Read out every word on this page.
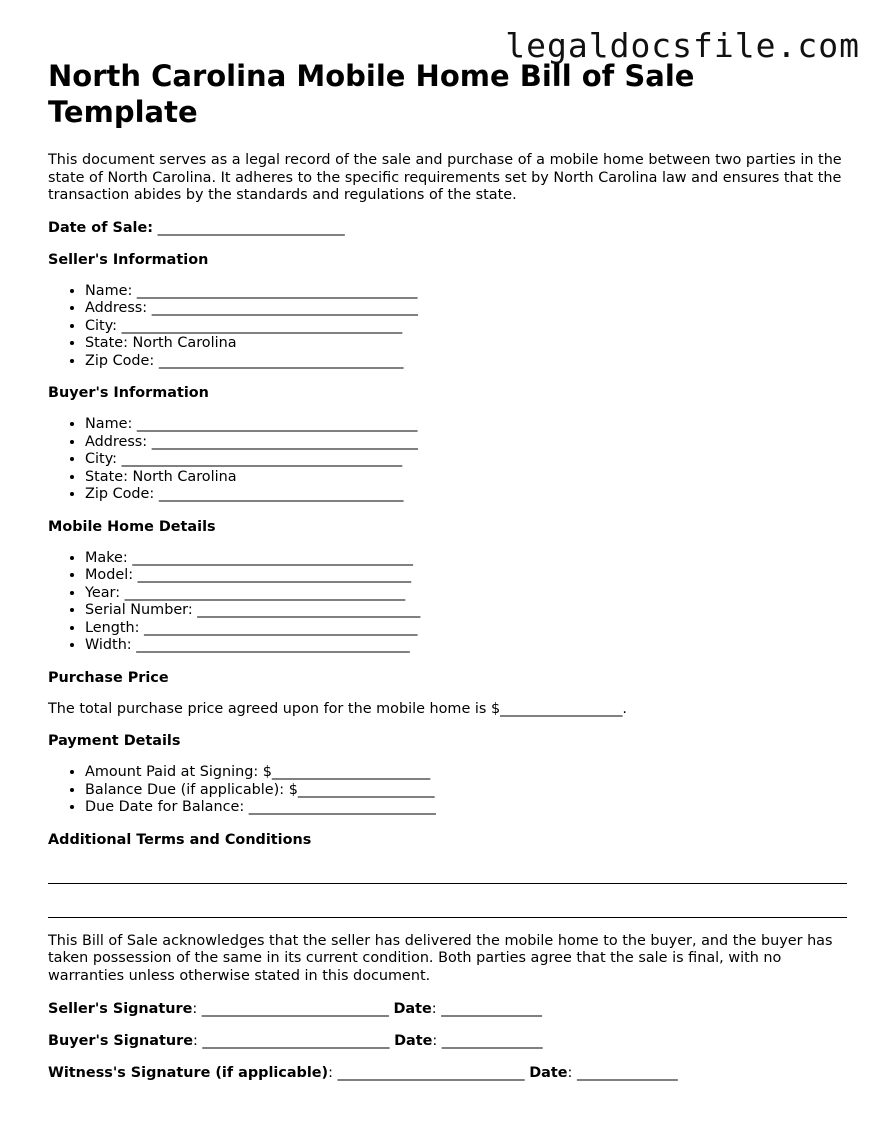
legaldocsfile.com
North Carolina Mobile Home Bill of Sale Template

This document serves as a legal record of the sale and purchase of a mobile home between two parties in the state of North Carolina. It adheres to the specific requirements set by North Carolina law and ensures that the transaction abides by the standards and regulations of the state.

Date of Sale: __________________________
Seller's Information
• Name: _______________________________________
• Address: _____________________________________
• City: _______________________________________
• State: North Carolina
• Zip Code: __________________________________
Buyer's Information
• Name: _______________________________________
• Address: _____________________________________
• City: _______________________________________
• State: North Carolina
• Zip Code: __________________________________
Mobile Home Details
• Make: _______________________________________
• Model: ______________________________________
• Year: _______________________________________
• Serial Number: _______________________________
• Length: ______________________________________
• Width: ______________________________________
Purchase Price

The total purchase price agreed upon for the mobile home is $_________________.

Payment Details
• Amount Paid at Signing: $______________________
• Balance Due (if applicable): $___________________
• Due Date for Balance: __________________________
Additional Terms and Conditions

This Bill of Sale acknowledges that the seller has delivered the mobile home to the buyer, and the buyer has taken possession of the same in its current condition. Both parties agree that the sale is final, with no warranties unless otherwise stated in this document.

Seller's Signature: __________________________ Date: ______________
Buyer's Signature: __________________________ Date: ______________
Witness's Signature (if applicable): __________________________ Date: ______________
